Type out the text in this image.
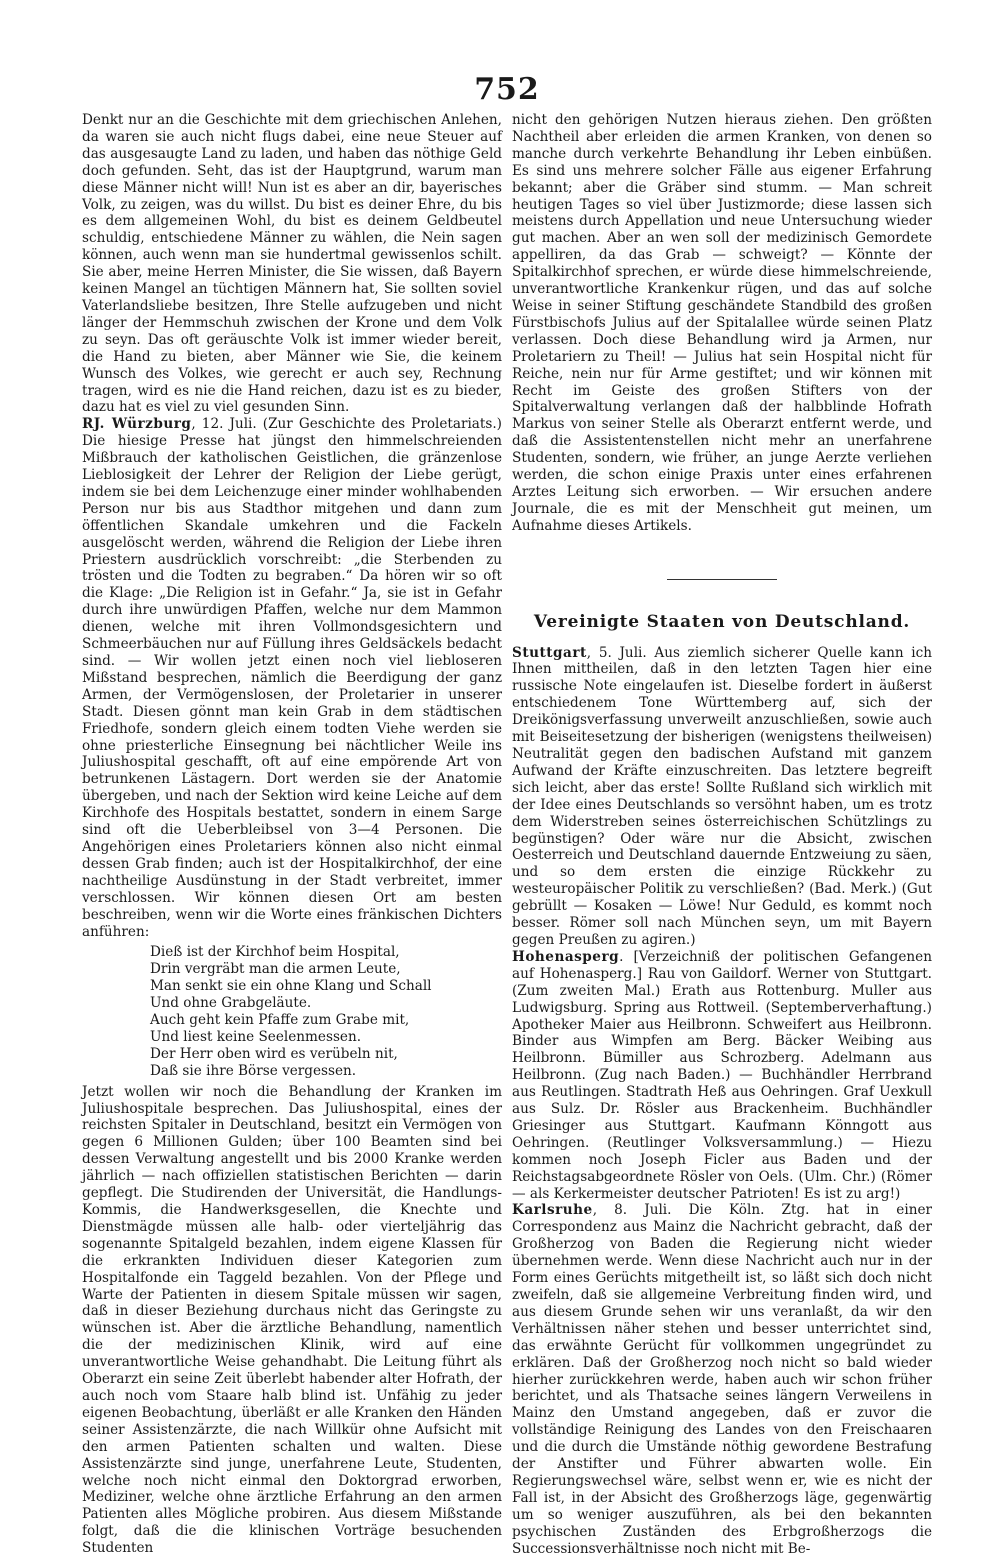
752

Denkt nur an die Geschichte mit dem griechischen Anlehen, da waren sie auch nicht flugs dabei, eine neue Steuer auf das ausgesaugte Land zu laden, und haben das nöthige Geld doch gefunden. Seht, das ist der Hauptgrund, warum man diese Männer nicht will! Nun ist es aber an dir, bayerisches Volk, zu zeigen, was du willst. Du bist es deiner Ehre, du bis es dem allgemeinen Wohl, du bist es deinem Geldbeutel schuldig, entschiedene Männer zu wählen, die Nein sagen können, auch wenn man sie hundertmal gewissenlos schilt. Sie aber, meine Herren Minister, die Sie wissen, daß Bayern keinen Mangel an tüchtigen Männern hat, Sie sollten soviel Vaterlandsliebe besitzen, Ihre Stelle aufzugeben und nicht länger der Hemmschuh zwischen der Krone und dem Volk zu seyn. Das oft geräuschte Volk ist immer wieder bereit, die Hand zu bieten, aber Männer wie Sie, die keinem Wunsch des Volkes, wie gerecht er auch sey, Rechnung tragen, wird es nie die Hand reichen, dazu ist es zu bieder, dazu hat es viel zu viel gesunden Sinn.

RJ. Würzburg, 12. Juli. (Zur Geschichte des Proletariats.) Die hiesige Presse hat jüngst den himmelschreienden Mißbrauch der katholischen Geistlichen, die gränzenlose Lieblosigkeit der Lehrer der Religion der Liebe gerügt, indem sie bei dem Leichenzuge einer minder wohlhabenden Person nur bis aus Stadthor mitgehen und dann zum öffentlichen Skandale umkehren und die Fackeln ausgelöscht werden, während die Religion der Liebe ihren Priestern ausdrücklich vorschreibt: „die Sterbenden zu trösten und die Todten zu begraben.“ Da hören wir so oft die Klage: „Die Religion ist in Gefahr.“ Ja, sie ist in Gefahr durch ihre unwürdigen Pfaffen, welche nur dem Mammon dienen, welche mit ihren Vollmondsgesichtern und Schmeerbäuchen nur auf Füllung ihres Geldsäckels bedacht sind. — Wir wollen jetzt einen noch viel liebloseren Mißstand besprechen, nämlich die Beerdigung der ganz Armen, der Vermögenslosen, der Proletarier in unserer Stadt. Diesen gönnt man kein Grab in dem städtischen Friedhofe, sondern gleich einem todten Viehe werden sie ohne priesterliche Einsegnung bei nächtlicher Weile ins Juliushospital geschafft, oft auf eine empörende Art von betrunkenen Lästagern. Dort werden sie der Anatomie übergeben, und nach der Sektion wird keine Leiche auf dem Kirchhofe des Hospitals bestattet, sondern in einem Sarge sind oft die Ueberbleibsel von 3—4 Personen. Die Angehörigen eines Proletariers können also nicht einmal dessen Grab finden; auch ist der Hospitalkirchhof, der eine nachtheilige Ausdünstung in der Stadt verbreitet, immer verschlossen. Wir können diesen Ort am besten beschreiben, wenn wir die Worte eines fränkischen Dichters anführen:

Dieß ist der Kirchhof beim Hospital,
Drin vergräbt man die armen Leute,
Man senkt sie ein ohne Klang und Schall
Und ohne Grabgeläute.
Auch geht kein Pfaffe zum Grabe mit,
Und liest keine Seelenmessen.
Der Herr oben wird es verübeln nit,
Daß sie ihre Börse vergessen.

Jetzt wollen wir noch die Behandlung der Kranken im Juliushospitale besprechen. Das Juliushospital, eines der reichsten Spitaler in Deutschland, besitzt ein Vermögen von gegen 6 Millionen Gulden; über 100 Beamten sind bei dessen Verwaltung angestellt und bis 2000 Kranke werden jährlich — nach offiziellen statistischen Berichten — darin gepflegt. Die Studirenden der Universität, die Handlungs-Kommis, die Handwerksgesellen, die Knechte und Dienstmägde müssen alle halb- oder vierteljährig das sogenannte Spitalgeld bezahlen, indem eigene Klassen für die erkrankten Individuen dieser Kategorien zum Hospitalfonde ein Taggeld bezahlen. Von der Pflege und Warte der Patienten in diesem Spitale müssen wir sagen, daß in dieser Beziehung durchaus nicht das Geringste zu wünschen ist. Aber die ärztliche Behandlung, namentlich die der medizinischen Klinik, wird auf eine unverantwortliche Weise gehandhabt. Die Leitung führt als Oberarzt ein seine Zeit überlebt habender alter Hofrath, der auch noch vom Staare halb blind ist. Unfähig zu jeder eigenen Beobachtung, überläßt er alle Kranken den Händen seiner Assistenzärzte, die nach Willkür ohne Aufsicht mit den armen Patienten schalten und walten. Diese Assistenzärzte sind junge, unerfahrene Leute, Studenten, welche noch nicht einmal den Doktorgrad erworben, Mediziner, welche ohne ärztliche Erfahrung an den armen Patienten alles Mögliche probiren. Aus diesem Mißstande folgt, daß die die klinischen Vorträge besuchenden Studenten

nicht den gehörigen Nutzen hieraus ziehen. Den größten Nachtheil aber erleiden die armen Kranken, von denen so manche durch verkehrte Behandlung ihr Leben einbüßen. Es sind uns mehrere solcher Fälle aus eigener Erfahrung bekannt; aber die Gräber sind stumm. — Man schreit heutigen Tages so viel über Justizmorde; diese lassen sich meistens durch Appellation und neue Untersuchung wieder gut machen. Aber an wen soll der medizinisch Gemordete appelliren, da das Grab — schweigt? — Könnte der Spitalkirchhof sprechen, er würde diese himmelschreiende, unverantwortliche Krankenkur rügen, und das auf solche Weise in seiner Stiftung geschändete Standbild des großen Fürstbischofs Julius auf der Spitalallee würde seinen Platz verlassen. Doch diese Behandlung wird ja Armen, nur Proletariern zu Theil! — Julius hat sein Hospital nicht für Reiche, nein nur für Arme gestiftet; und wir können mit Recht im Geiste des großen Stifters von der Spitalverwaltung verlangen daß der halbblinde Hofrath Markus von seiner Stelle als Oberarzt entfernt werde, und daß die Assistentenstellen nicht mehr an unerfahrene Studenten, sondern, wie früher, an junge Aerzte verliehen werden, die schon einige Praxis unter eines erfahrenen Arztes Leitung sich erworben. — Wir ersuchen andere Journale, die es mit der Menschheit gut meinen, um Aufnahme dieses Artikels.

Vereinigte Staaten von Deutschland.

Stuttgart, 5. Juli. Aus ziemlich sicherer Quelle kann ich Ihnen mittheilen, daß in den letzten Tagen hier eine russische Note eingelaufen ist. Dieselbe fordert in äußerst entschiedenem Tone Württemberg auf, sich der Dreikönigsverfassung unverweilt anzuschließen, sowie auch mit Beiseitesetzung der bisherigen (wenigstens theilweisen) Neutralität gegen den badischen Aufstand mit ganzem Aufwand der Kräfte einzuschreiten. Das letztere begreift sich leicht, aber das erste! Sollte Rußland sich wirklich mit der Idee eines Deutschlands so versöhnt haben, um es trotz dem Widerstreben seines österreichischen Schützlings zu begünstigen? Oder wäre nur die Absicht, zwischen Oesterreich und Deutschland dauernde Entzweiung zu säen, und so dem ersten die einzige Rückkehr zu westeuropäischer Politik zu verschließen? (Bad. Merk.) (Gut gebrüllt — Kosaken — Löwe! Nur Geduld, es kommt noch besser. Römer soll nach München seyn, um mit Bayern gegen Preußen zu agiren.)

Hohenasperg. [Verzeichniß der politischen Gefangenen auf Hohenasperg.] Rau von Gaildorf. Werner von Stuttgart. (Zum zweiten Mal.) Erath aus Rottenburg. Muller aus Ludwigsburg. Spring aus Rottweil. (Septemberverhaftung.) Apotheker Maier aus Heilbronn. Schweifert aus Heilbronn. Binder aus Wimpfen am Berg. Bäcker Weibing aus Heilbronn. Bümiller aus Schrozberg. Adelmann aus Heilbronn. (Zug nach Baden.) — Buchhändler Herrbrand aus Reutlingen. Stadtrath Heß aus Oehringen. Graf Uexkull aus Sulz. Dr. Rösler aus Brackenheim. Buchhändler Griesinger aus Stuttgart. Kaufmann Könngott aus Oehringen. (Reutlinger Volksversammlung.) — Hiezu kommen noch Joseph Ficler aus Baden und der Reichstagsabgeordnete Rösler von Oels. (Ulm. Chr.) (Römer — als Kerkermeister deutscher Patrioten! Es ist zu arg!)

Karlsruhe, 8. Juli. Die Köln. Ztg. hat in einer Correspondenz aus Mainz die Nachricht gebracht, daß der Großherzog von Baden die Regierung nicht wieder übernehmen werde. Wenn diese Nachricht auch nur in der Form eines Gerüchts mitgetheilt ist, so läßt sich doch nicht zweifeln, daß sie allgemeine Verbreitung finden wird, und aus diesem Grunde sehen wir uns veranlaßt, da wir den Verhältnissen näher stehen und besser unterrichtet sind, das erwähnte Gerücht für vollkommen ungegründet zu erklären. Daß der Großherzog noch nicht so bald wieder hierher zurückkehren werde, haben auch wir schon früher berichtet, und als Thatsache seines längern Verweilens in Mainz den Umstand angegeben, daß er zuvor die vollständige Reinigung des Landes von den Freischaaren und die durch die Umstände nöthig gewordene Bestrafung der Anstifter und Führer abwarten wolle. Ein Regierungswechsel wäre, selbst wenn er, wie es nicht der Fall ist, in der Absicht des Großherzogs läge, gegenwärtig um so weniger auszuführen, als bei den bekannten psychischen Zuständen des Erbgroßherzogs die Successionsverhältnisse noch nicht mit Be-
